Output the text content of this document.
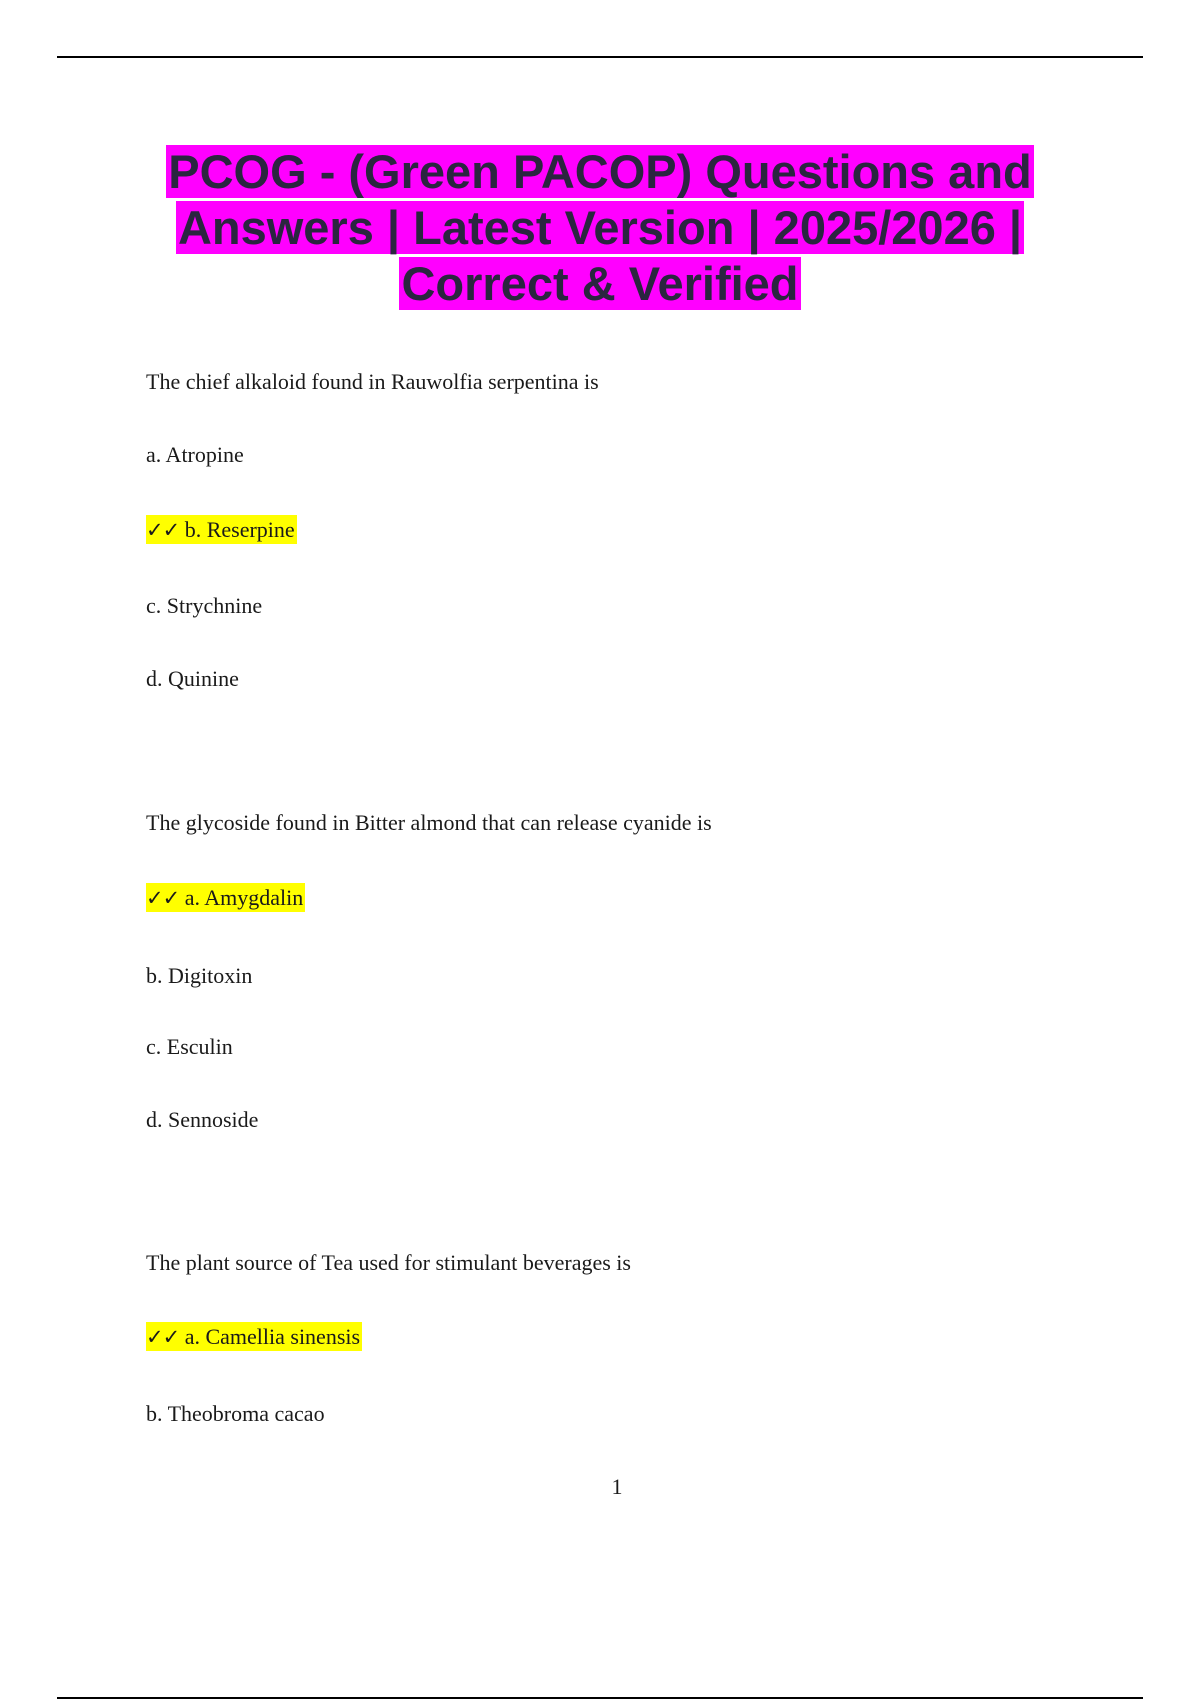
PCOG - (Green PACOP) Questions and
Answers | Latest Version | 2025/2026 |
Correct & Verified
The chief alkaloid found in Rauwolfia serpentina is
a. Atropine
✓✓ b. Reserpine
c. Strychnine
d. Quinine
The glycoside found in Bitter almond that can release cyanide is
✓✓ a. Amygdalin
b. Digitoxin
c. Esculin
d. Sennoside
The plant source of Tea used for stimulant beverages is
✓✓ a. Camellia sinensis
b. Theobroma cacao
1
